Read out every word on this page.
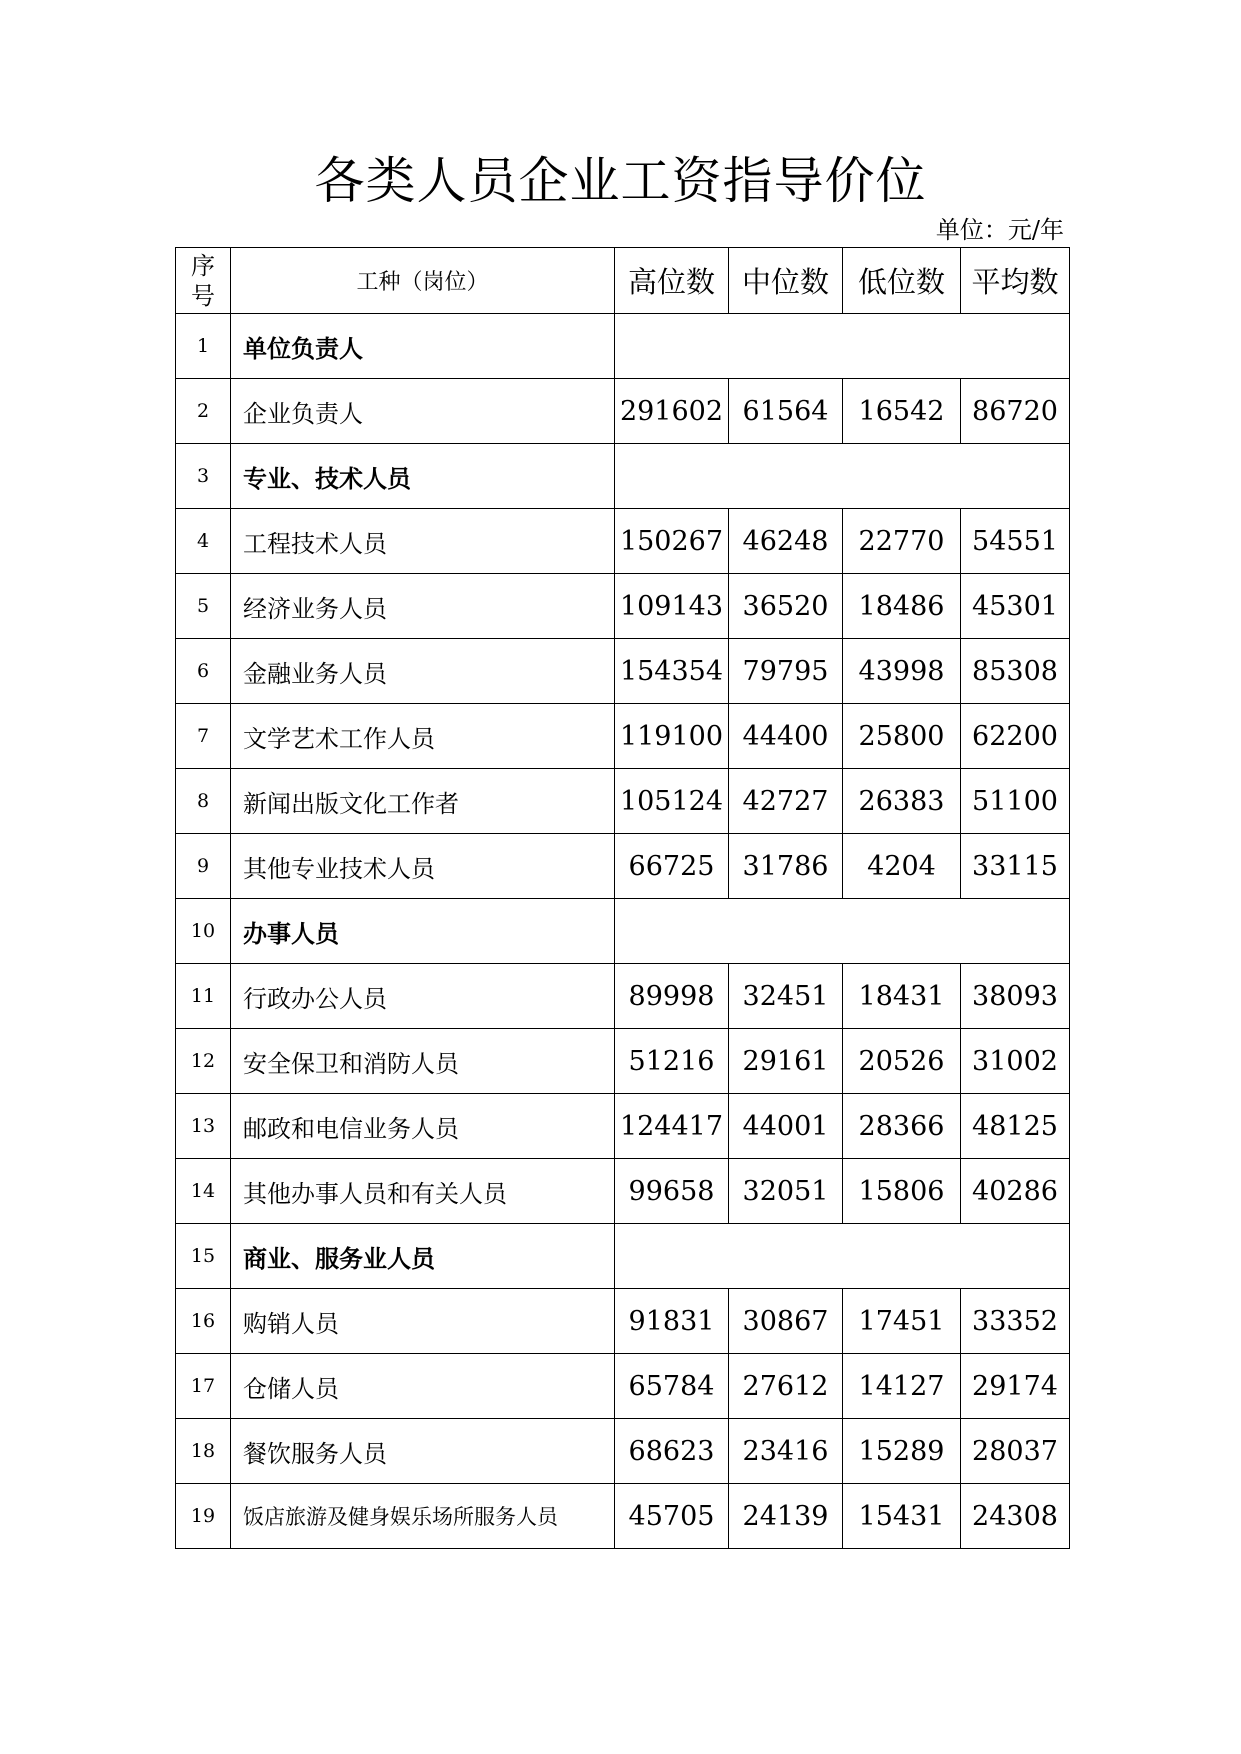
各类人员企业工资指导价位
单位：元/年
序
号	工种（岗位）	高位数	中位数	低位数	平均数
1	单位负责人				
2	企业负责人	291602	61564	16542	86720
3	专业、技术人员				
4	工程技术人员	150267	46248	22770	54551
5	经济业务人员	109143	36520	18486	45301
6	金融业务人员	154354	79795	43998	85308
7	文学艺术工作人员	119100	44400	25800	62200
8	新闻出版文化工作者	105124	42727	26383	51100
9	其他专业技术人员	66725	31786	4204	33115
10	办事人员				
11	行政办公人员	89998	32451	18431	38093
12	安全保卫和消防人员	51216	29161	20526	31002
13	邮政和电信业务人员	124417	44001	28366	48125
14	其他办事人员和有关人员	99658	32051	15806	40286
15	商业、服务业人员				
16	购销人员	91831	30867	17451	33352
17	仓储人员	65784	27612	14127	29174
18	餐饮服务人员	68623	23416	15289	28037
19	饭店旅游及健身娱乐场所服务人员	45705	24139	15431	24308
